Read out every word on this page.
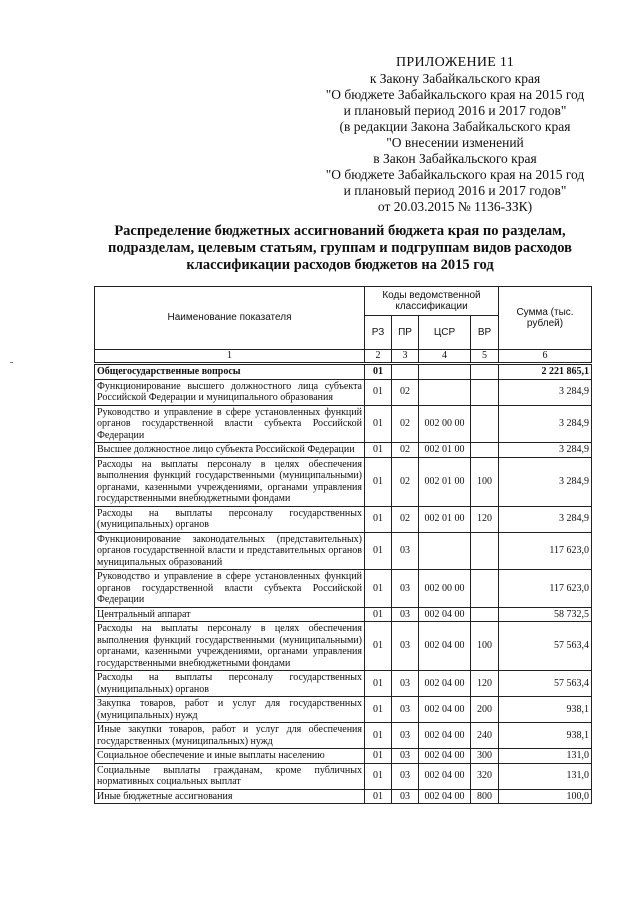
ПРИЛОЖЕНИЕ 11
к Закону Забайкальского края
"О бюджете Забайкальского края на 2015 год
и плановый период 2016 и 2017 годов"
(в редакции Закона Забайкальского края
"О внесении изменений
в Закон Забайкальского края
"О бюджете Забайкальского края на 2015 год
и плановый период 2016 и 2017 годов"
от 20.03.2015 № 1136-ЗЗК)
Распределение бюджетных ассигнований бюджета края по разделам,
подразделам, целевым статьям, группам и подгруппам видов расходов
классификации расходов бюджетов на 2015 год
Наименование показателя	Коды ведомственной классификации				Сумма (тыс. рублей)
	РЗ	ПР	ЦСР	ВР	
1	2	3	4	5	6
Общегосударственные вопросы	01				2 221 865,1
Функционирование высшего должностного лица субъекта Российской Федерации и муниципального образования	01	02			3 284,9
Руководство и управление в сфере установленных функций органов государственной власти субъекта Российской Федерации	01	02	002 00 00		3 284,9
Высшее должностное лицо субъекта Российской Федерации	01	02	002 01 00		3 284,9
Расходы на выплаты персоналу в целях обеспечения выполнения функций государственными (муниципальными) органами, казенными учреждениями, органами управления государственными внебюджетными фондами	01	02	002 01 00	100	3 284,9
Расходы на выплаты персоналу государственных (муниципальных) органов	01	02	002 01 00	120	3 284,9
Функционирование законодательных (представительных) органов государственной власти и представительных органов муниципальных образований	01	03			117 623,0
Руководство и управление в сфере установленных функций органов государственной власти субъекта Российской Федерации	01	03	002 00 00		117 623,0
Центральный аппарат	01	03	002 04 00		58 732,5
Расходы на выплаты персоналу в целях обеспечения выполнения функций государственными (муниципальными) органами, казенными учреждениями, органами управления государственными внебюджетными фондами	01	03	002 04 00	100	57 563,4
Расходы на выплаты персоналу государственных (муниципальных) органов	01	03	002 04 00	120	57 563,4
Закупка товаров, работ и услуг для государственных (муниципальных) нужд	01	03	002 04 00	200	938,1
Иные закупки товаров, работ и услуг для обеспечения государственных (муниципальных) нужд	01	03	002 04 00	240	938,1
Социальное обеспечение и иные выплаты населению	01	03	002 04 00	300	131,0
Социальные выплаты гражданам, кроме публичных нормативных социальных выплат	01	03	002 04 00	320	131,0
Иные бюджетные ассигнования	01	03	002 04 00	800	100,0
